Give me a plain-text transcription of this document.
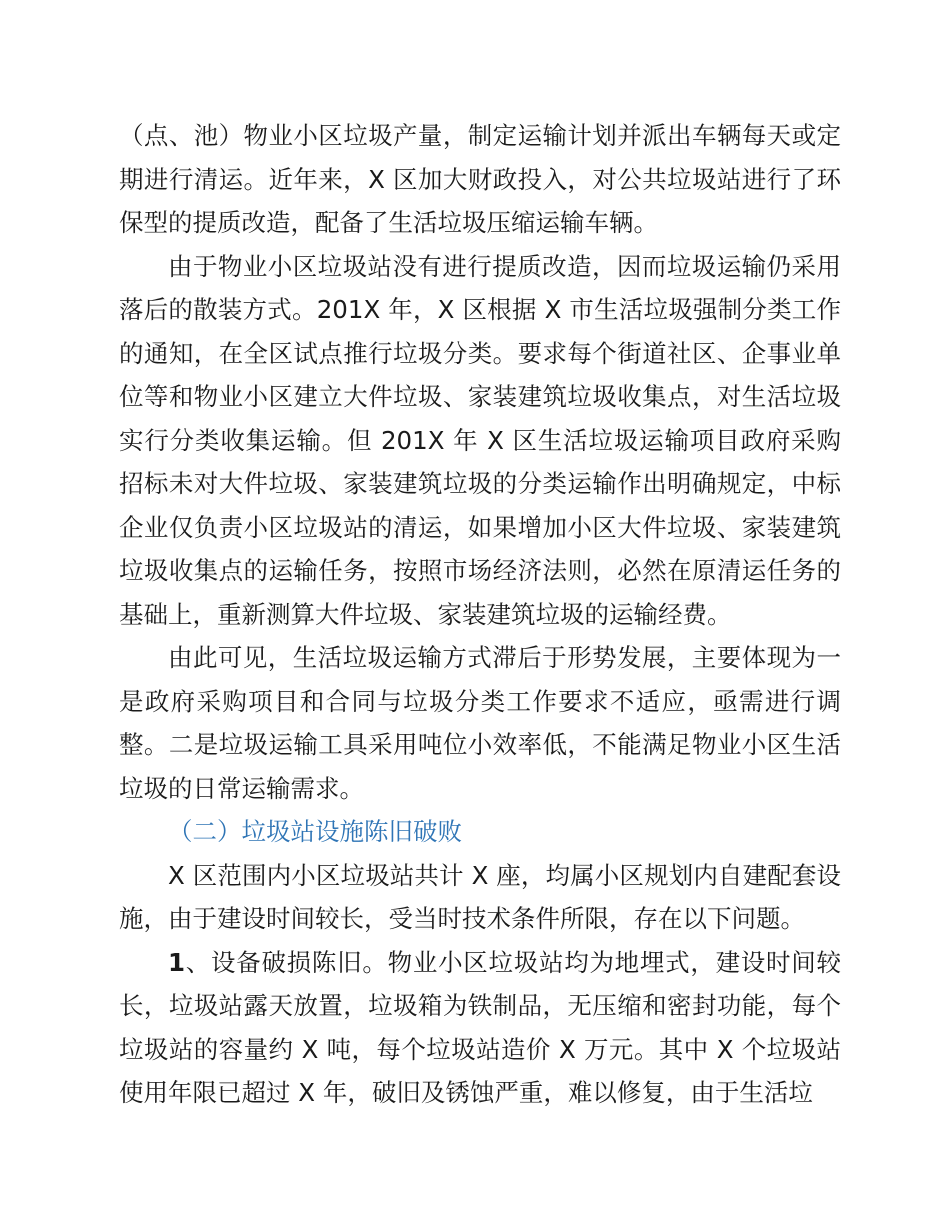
（点、池）物业小区垃圾产量，制定运输计划并派出车辆每天或定期进行清运。近年来，X 区加大财政投入，对公共垃圾站进行了环保型的提质改造，配备了生活垃圾压缩运输车辆。

由于物业小区垃圾站没有进行提质改造，因而垃圾运输仍采用落后的散装方式。201X 年，X 区根据 X 市生活垃圾强制分类工作的通知，在全区试点推行垃圾分类。要求每个街道社区、企事业单位等和物业小区建立大件垃圾、家装建筑垃圾收集点，对生活垃圾实行分类收集运输。但 201X 年 X 区生活垃圾运输项目政府采购招标未对大件垃圾、家装建筑垃圾的分类运输作出明确规定，中标企业仅负责小区垃圾站的清运，如果增加小区大件垃圾、家装建筑垃圾收集点的运输任务，按照市场经济法则，必然在原清运任务的基础上，重新测算大件垃圾、家装建筑垃圾的运输经费。

由此可见，生活垃圾运输方式滞后于形势发展，主要体现为一是政府采购项目和合同与垃圾分类工作要求不适应，亟需进行调整。二是垃圾运输工具采用吨位小效率低，不能满足物业小区生活垃圾的日常运输需求。

（二）垃圾站设施陈旧破败

X 区范围内小区垃圾站共计 X 座，均属小区规划内自建配套设施，由于建设时间较长，受当时技术条件所限，存在以下问题。

1、设备破损陈旧。物业小区垃圾站均为地埋式，建设时间较长，垃圾站露天放置，垃圾箱为铁制品，无压缩和密封功能，每个垃圾站的容量约 X 吨，每个垃圾站造价 X 万元。其中 X 个垃圾站使用年限已超过 X 年，破旧及锈蚀严重，难以修复，由于生活垃
